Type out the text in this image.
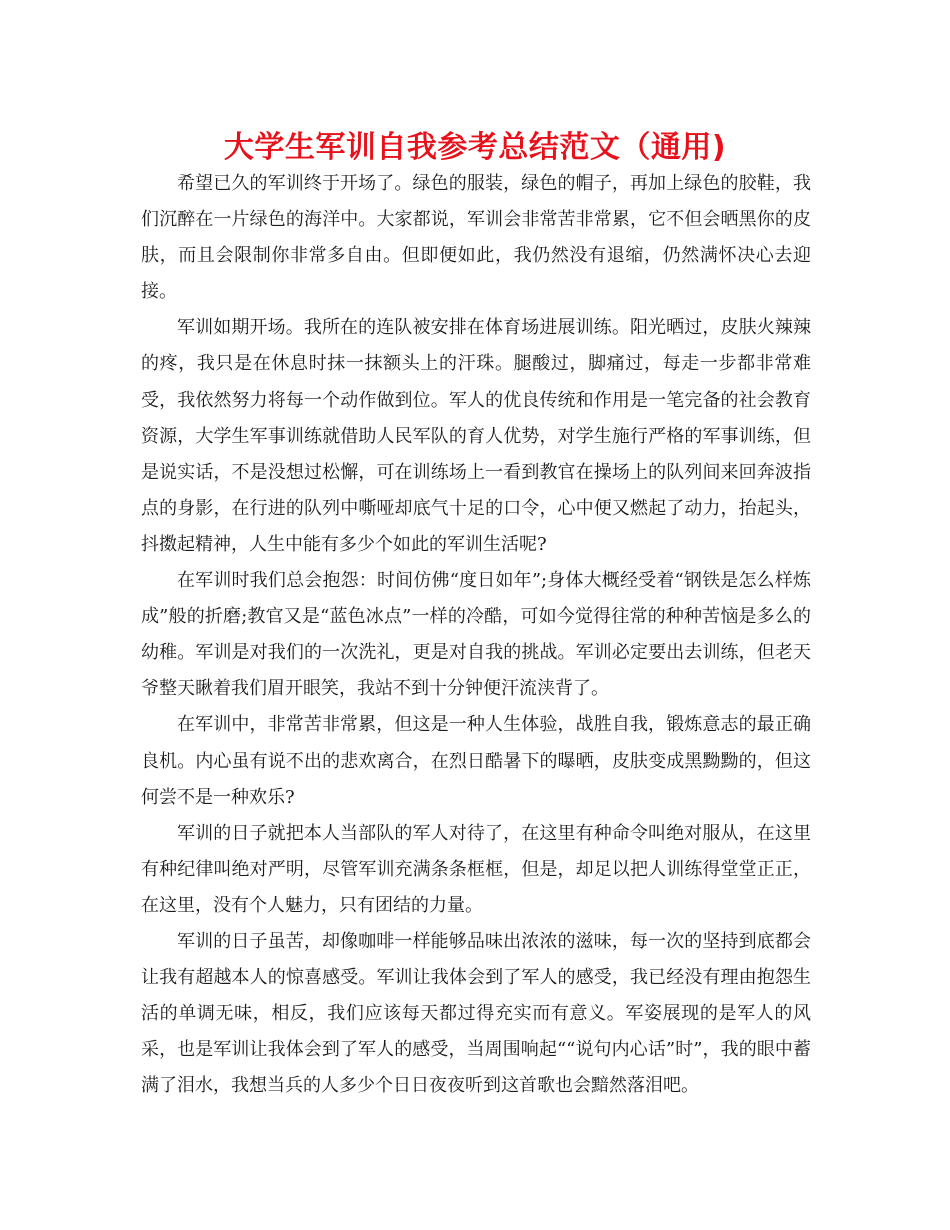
大学生军训自我参考总结范文（通用)

希望已久的军训终于开场了。绿色的服装，绿色的帽子，再加上绿色的胶鞋，我们沉醉在一片绿色的海洋中。大家都说，军训会非常苦非常累，它不但会晒黑你的皮肤，而且会限制你非常多自由。但即便如此，我仍然没有退缩，仍然满怀决心去迎接。

军训如期开场。我所在的连队被安排在体育场进展训练。阳光晒过，皮肤火辣辣的疼，我只是在休息时抹一抹额头上的汗珠。腿酸过，脚痛过，每走一步都非常难受，我依然努力将每一个动作做到位。军人的优良传统和作用是一笔完备的社会教育资源，大学生军事训练就借助人民军队的育人优势，对学生施行严格的军事训练，但是说实话，不是没想过松懈，可在训练场上一看到教官在操场上的队列间来回奔波指点的身影，在行进的队列中嘶哑却底气十足的口令，心中便又燃起了动力，抬起头，抖擞起精神，人生中能有多少个如此的军训生活呢?

在军训时我们总会抱怨：时间仿佛“度日如年”;身体大概经受着“钢铁是怎么样炼成”般的折磨;教官又是“蓝色冰点”一样的冷酷，可如今觉得往常的种种苦恼是多么的幼稚。军训是对我们的一次洗礼，更是对自我的挑战。军训必定要出去训练，但老天爷整天瞅着我们眉开眼笑，我站不到十分钟便汗流浃背了。

在军训中，非常苦非常累，但这是一种人生体验，战胜自我，锻炼意志的最正确良机。内心虽有说不出的悲欢离合，在烈日酷暑下的曝晒，皮肤变成黑黝黝的，但这何尝不是一种欢乐?

军训的日子就把本人当部队的军人对待了，在这里有种命令叫绝对服从，在这里有种纪律叫绝对严明，尽管军训充满条条框框，但是，却足以把人训练得堂堂正正，在这里，没有个人魅力，只有团结的力量。

军训的日子虽苦，却像咖啡一样能够品味出浓浓的滋味，每一次的坚持到底都会让我有超越本人的惊喜感受。军训让我体会到了军人的感受，我已经没有理由抱怨生活的单调无味，相反，我们应该每天都过得充实而有意义。军姿展现的是军人的风采，也是军训让我体会到了军人的感受，当周围响起““说句内心话”时”，我的眼中蓄满了泪水，我想当兵的人多少个日日夜夜听到这首歌也会黯然落泪吧。
